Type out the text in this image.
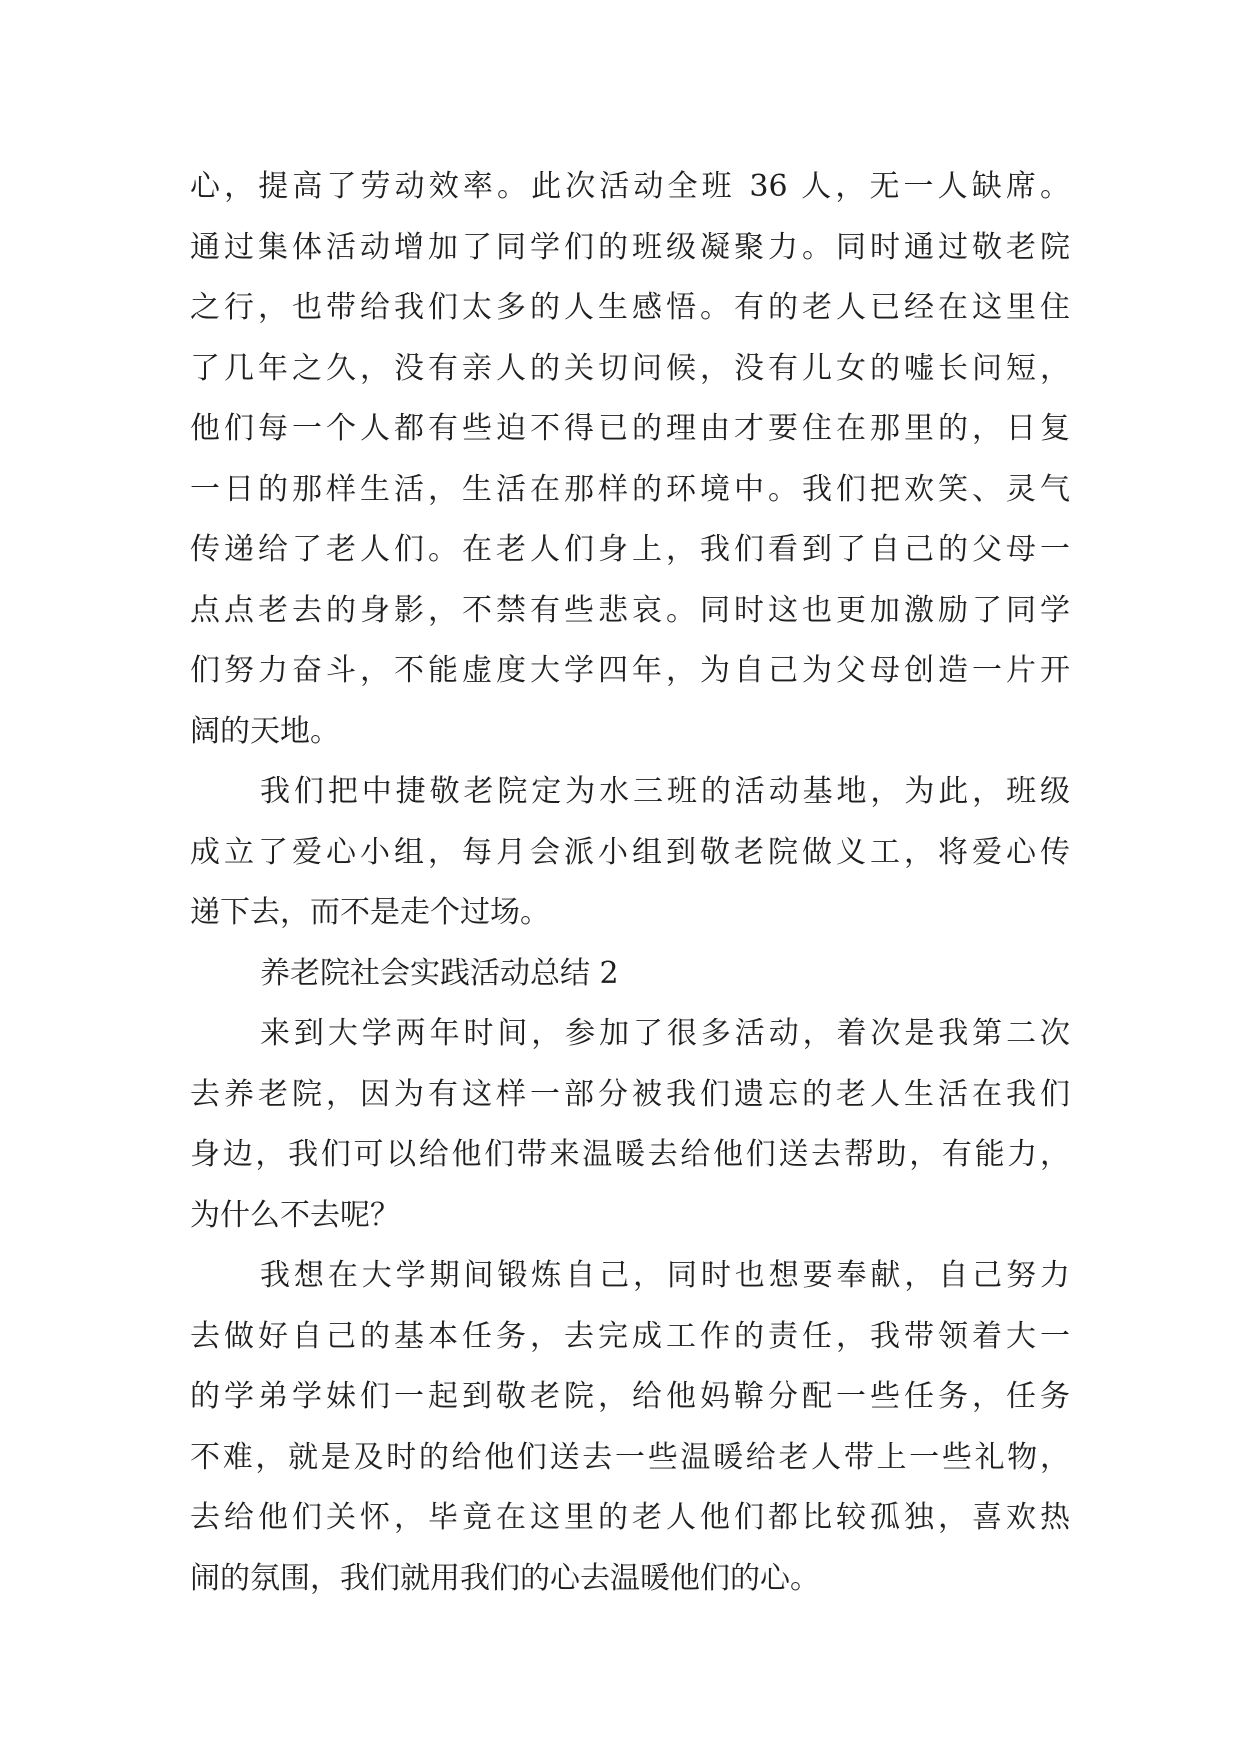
心，提高了劳动效率。此次活动全班 36 人，无一人缺席。
通过集体活动增加了同学们的班级凝聚力。同时通过敬老院
之行，也带给我们太多的人生感悟。有的老人已经在这里住
了几年之久，没有亲人的关切问候，没有儿女的嘘长问短，
他们每一个人都有些迫不得已的理由才要住在那里的，日复
一日的那样生活，生活在那样的环境中。我们把欢笑、灵气
传递给了老人们。在老人们身上，我们看到了自己的父母一
点点老去的身影，不禁有些悲哀。同时这也更加激励了同学
们努力奋斗，不能虚度大学四年，为自己为父母创造一片开
阔的天地。
我们把中捷敬老院定为水三班的活动基地，为此，班级
成立了爱心小组，每月会派小组到敬老院做义工，将爱心传
递下去，而不是走个过场。
养老院社会实践活动总结 2
来到大学两年时间，参加了很多活动，着次是我第二次
去养老院，因为有这样一部分被我们遗忘的老人生活在我们
身边，我们可以给他们带来温暖去给他们送去帮助，有能力，
为什么不去呢？
我想在大学期间锻炼自己，同时也想要奉献，自己努力
去做好自己的基本任务，去完成工作的责任，我带领着大一
的学弟学妹们一起到敬老院，给他妈鞥分配一些任务，任务
不难，就是及时的给他们送去一些温暖给老人带上一些礼物，
去给他们关怀，毕竟在这里的老人他们都比较孤独，喜欢热
闹的氛围，我们就用我们的心去温暖他们的心。
